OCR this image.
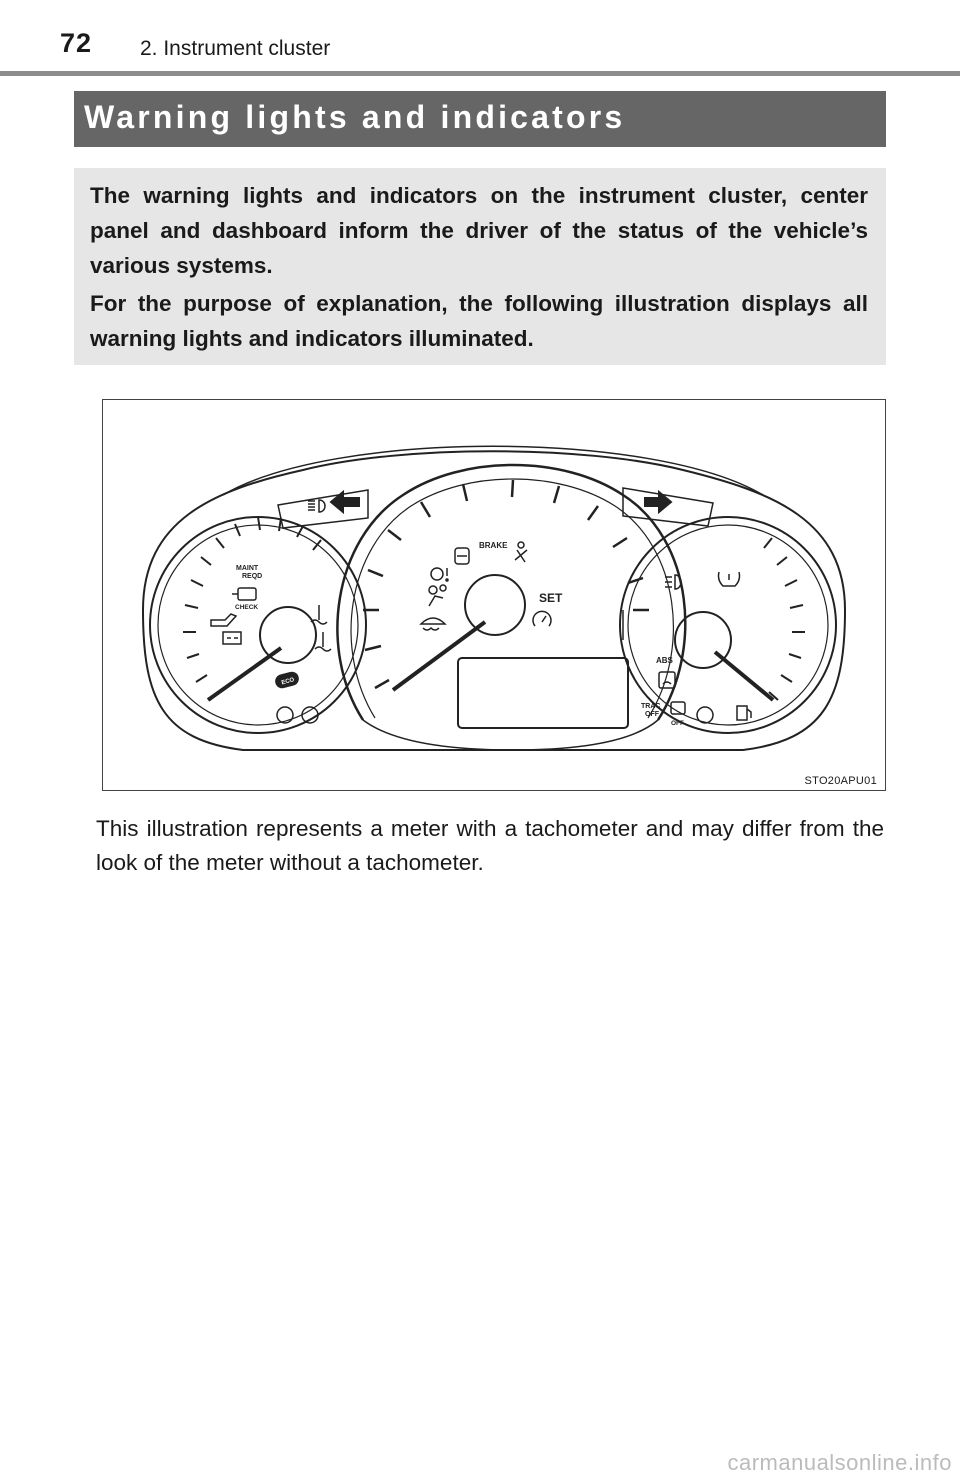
72 2. Instrument cluster
Warning lights and indicators

The warning lights and indicators on the instrument cluster, center panel and dashboard inform the driver of the status of the vehicle’s various systems.

For the purpose of explanation, the following illustration displays all warning lights and indicators illuminated.

MAINT
REQD
CHECK
ECO
BRAKE
SET
ABS
TRAC
OFF
OFF
STO20APU01

This illustration represents a meter with a tachometer and may differ from the look of the meter without a tachometer.

carmanualsonline.info
